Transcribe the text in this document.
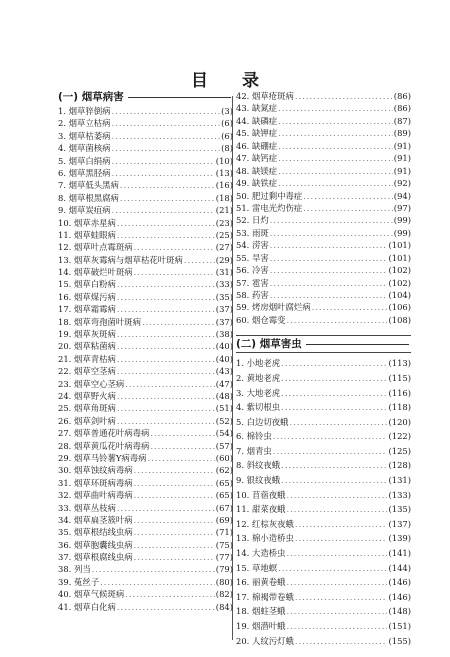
目 录
(一) 烟草病害
1. 烟草猝倒病 .....	(3)
2. 烟草立枯病 .....	(6)
3. 烟草枯萎病 .....	(6)
4. 烟草菌核病 .....	(8)
5. 烟草白绢病 .....	(10)
6. 烟草黑胫病 .....	(13)
7. 烟草低头黑病 .....	(16)
8. 烟草根黑腐病 .....	(18)
9. 烟草炭疽病 .....	(21)
10. 烟草赤星病 .....	(23)
11. 烟草蛙眼病 .....	(25)
12. 烟草叶点霉斑病 .....	(27)
13. 烟草灰霉病与烟草枯花叶斑病 .....	(29)
14. 烟草破烂叶斑病 .....	(31)
15. 烟草白粉病 .....	(33)
16. 烟草煤污病 .....	(35)
17. 烟草霜霉病 .....	(37)
18. 烟草弯孢菌叶斑病 .....	(37)
19. 烟草灰斑病 .....	(38)
20. 烟草粘菌病 .....	(40)
21. 烟草青枯病 .....	(40)
22. 烟草空茎病 .....	(43)
23. 烟草空心茎病 .....	(47)
24. 烟草野火病 .....	(48)
25. 烟草角斑病 .....	(51)
26. 烟草剑叶病 .....	(52)
27. 烟草普通花叶病毒病 .....	(54)
28. 烟草黄瓜花叶病毒病 .....	(57)
29. 烟草马铃薯Y病毒病 .....	(60)
30. 烟草蚀纹病毒病 .....	(62)
31. 烟草环斑病毒病 .....	(65)
32. 烟草曲叶病毒病 .....	(65)
33. 烟草丛枝病 .....	(67)
34. 烟草扁茎簇叶病 .....	(69)
35. 烟草根结线虫病 .....	(71)
36. 烟草胞囊线虫病 .....	(75)
37. 烟草根腐线虫病 .....	(77)
38. 列当 .....	(79)
39. 菟丝子 .....	(80)
40. 烟草气候斑病 .....	(82)
41. 烟草白化病 .....	(84)
42. 烟草疮斑病 .....	(86)
43. 缺氮症 .....	(86)
44. 缺磷症 .....	(87)
45. 缺钾症 .....	(89)
46. 缺硼症 .....	(91)
47. 缺钙症 .....	(91)
48. 缺镁症 .....	(91)
49. 缺铁症 .....	(92)
50. 肥过剩中毒症 .....	(94)
51. 雷电光灼伤症 .....	(97)
52. 日灼 .....	(99)
53. 雨斑 .....	(99)
54. 涝害 .....	(101)
55. 旱害 .....	(101)
56. 冷害 .....	(102)
57. 雹害 .....	(102)
58. 药害 .....	(104)
59. 烤房烟叶腐烂病 .....	(106)
60. 烟仓霉变 .....	(108)
(二) 烟草害虫
1. 小地老虎 .....	(113)
2. 黄地老虎 .....	(115)
3. 大地老虎 .....	(116)
4. 紫切根虫 .....	(118)
5. 白边切夜蛾 .....	(120)
6. 棉铃虫 .....	(122)
7. 烟青虫 .....	(125)
8. 斜纹夜蛾 .....	(128)
9. 银纹夜蛾 .....	(131)
10. 苜蓿夜蛾 .....	(133)
11. 甜菜夜蛾 .....	(135)
12. 红棕灰夜蛾 .....	(137)
13. 棉小造桥虫 .....	(139)
14. 大造桥虫 .....	(141)
15. 草地螟 .....	(144)
16. 丽黄卷蛾 .....	(146)
17. 棉褐带卷蛾 .....	(146)
18. 烟蛀茎蛾 .....	(148)
19. 烟潜叶蛾 .....	(151)
20. 人纹污灯蛾 .....	(155)
